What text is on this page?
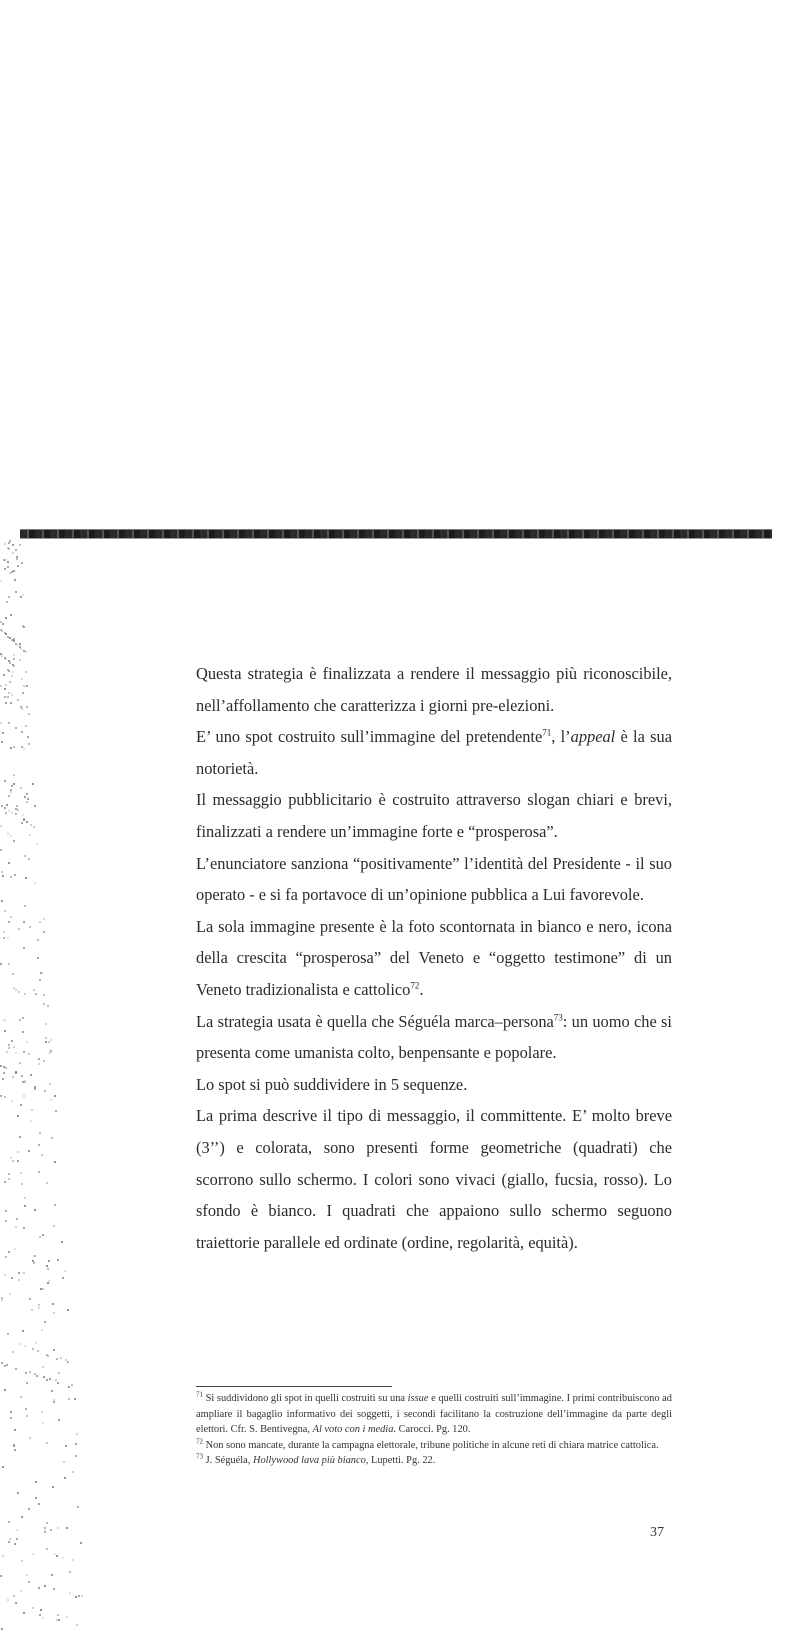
Questa strategia è finalizzata a rendere il messaggio più riconoscibile, nell’affollamento che caratterizza i giorni pre-elezioni.

E’ uno spot costruito sull’immagine del pretendente$^{71}$, l’appeal è la sua notorietà.

Il messaggio pubblicitario è costruito attraverso slogan chiari e brevi, finalizzati a rendere un’immagine forte e “prosperosa”.

L’enunciatore sanziona “positivamente” l’identità del Presidente - il suo operato - e si fa portavoce di un’opinione pubblica a Lui favorevole.

La sola immagine presente è la foto scontornata in bianco e nero, icona della crescita “prosperosa” del Veneto e “oggetto testimone” di un Veneto tradizionalista e cattolico$^{72}$.

La strategia usata è quella che Séguéla marca–persona$^{73}$: un uomo che si presenta come umanista colto, benpensante e popolare.

Lo spot si può suddividere in 5 sequenze.

La prima descrive il tipo di messaggio, il committente. E’ molto breve (3’’) e colorata, sono presenti forme geometriche (quadrati) che scorrono sullo schermo. I colori sono vivaci (giallo, fucsia, rosso). Lo sfondo è bianco. I quadrati che appaiono sullo schermo seguono traiettorie parallele ed ordinate (ordine, regolarità, equità).

$^{71}$ Si suddividono gli spot in quelli costruiti su una issue e quelli costruiti sull’immagine. I primi contribuiscono ad ampliare il bagaglio informativo dei soggetti, i secondi facilitano la costruzione dell’immagine da parte degli elettori. Cfr. S. Bentivegna, Al voto con i media. Carocci. Pg. 120.

$^{72}$ Non sono mancate, durante la campagna elettorale, tribune politiche in alcune reti di chiara matrice cattolica.

$^{73}$ J. Séguéla, Hollywood lava più bianco, Lupetti. Pg. 22.

37
